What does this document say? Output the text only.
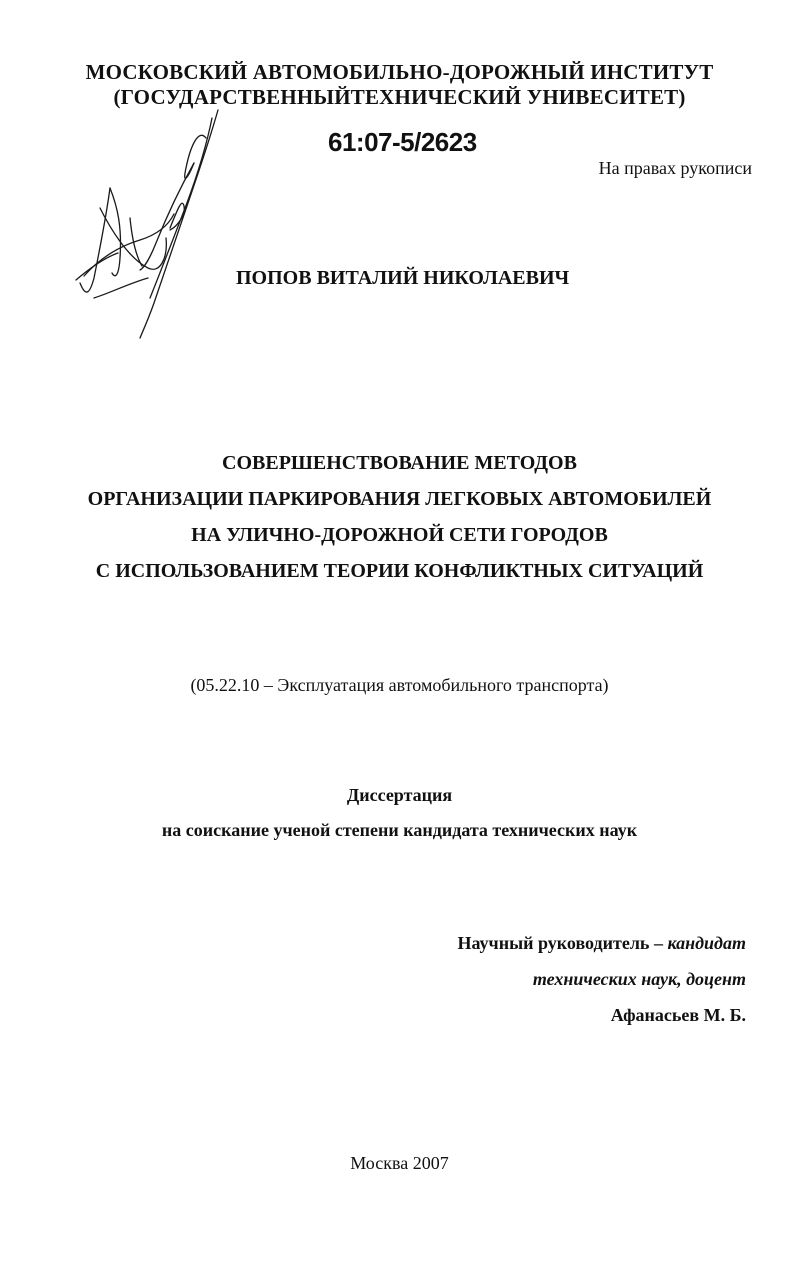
МОСКОВСКИЙ АВТОМОБИЛЬНО-ДОРОЖНЫЙ ИНСТИТУТ
(ГОСУДАРСТВЕННЫЙТЕХНИЧЕСКИЙ УНИВЕСИТЕТ)
61:07-5/2623
На правах рукописи
ПОПОВ ВИТАЛИЙ НИКОЛАЕВИЧ
СОВЕРШЕНСТВОВАНИЕ МЕТОДОВ
ОРГАНИЗАЦИИ ПАРКИРОВАНИЯ ЛЕГКОВЫХ АВТОМОБИЛЕЙ
НА УЛИЧНО-ДОРОЖНОЙ СЕТИ ГОРОДОВ
С ИСПОЛЬЗОВАНИЕМ ТЕОРИИ КОНФЛИКТНЫХ СИТУАЦИЙ
(05.22.10 – Эксплуатация автомобильного транспорта)
Диссертация
на соискание ученой степени кандидата технических наук
Научный руководитель – кандидат
технических наук, доцент
Афанасьев М. Б.
Москва 2007
